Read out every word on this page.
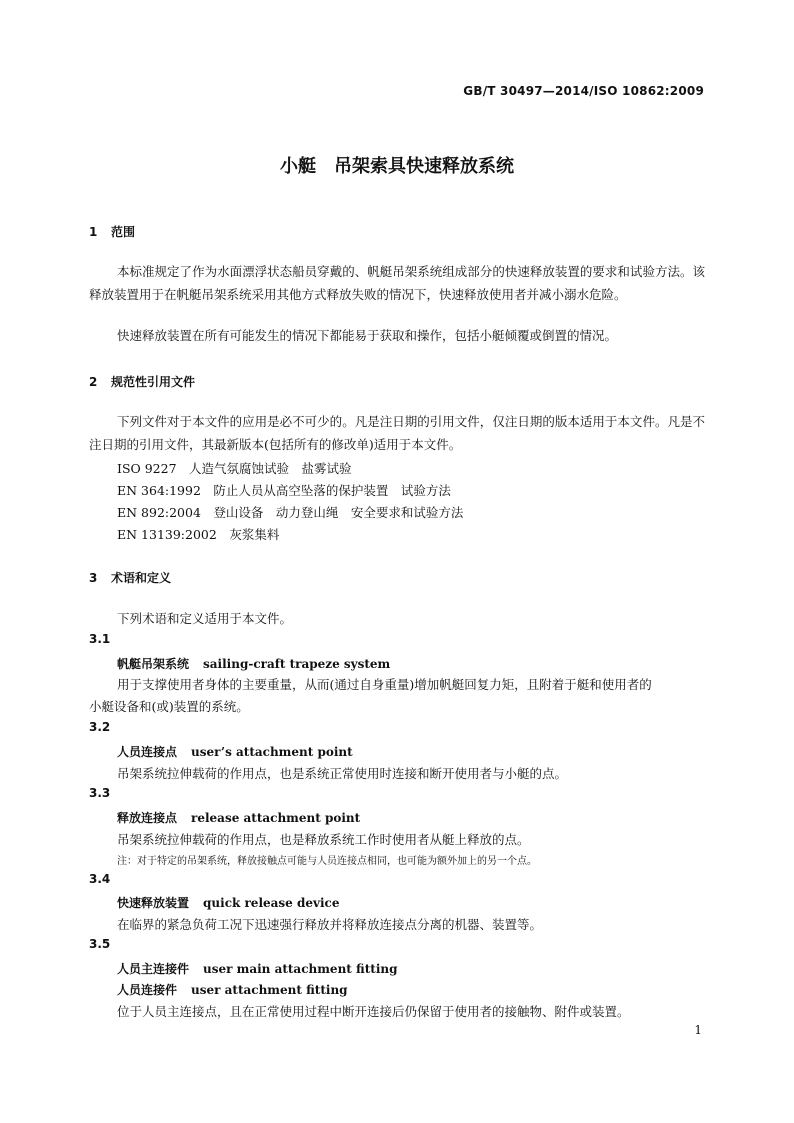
GB/T 30497—2014/ISO 10862:2009
小艇　吊架索具快速释放系统
1 范围

本标准规定了作为水面漂浮状态船员穿戴的、帆艇吊架系统组成部分的快速释放装置的要求和试验方法。该释放装置用于在帆艇吊架系统采用其他方式释放失败的情况下，快速释放使用者并减小溺水危险。

快速释放装置在所有可能发生的情况下都能易于获取和操作，包括小艇倾覆或倒置的情况。

2 规范性引用文件

下列文件对于本文件的应用是必不可少的。凡是注日期的引用文件，仅注日期的版本适用于本文件。凡是不注日期的引用文件，其最新版本(包括所有的修改单)适用于本文件。

ISO 9227　人造气氛腐蚀试验　盐雾试验
EN 364:1992　防止人员从高空坠落的保护装置　试验方法
EN 892:2004　登山设备　动力登山绳　安全要求和试验方法
EN 13139:2002　灰浆集料
3 术语和定义
下列术语和定义适用于本文件。
3.1
帆艇吊架系统 sailing-craft trapeze system
用于支撑使用者身体的主要重量，从而(通过自身重量)增加帆艇回复力矩，且附着于艇和使用者的
小艇设备和(或)装置的系统。
3.2
人员连接点 user’s attachment point
吊架系统拉伸载荷的作用点，也是系统正常使用时连接和断开使用者与小艇的点。
3.3
释放连接点 release attachment point
吊架系统拉伸载荷的作用点，也是释放系统工作时使用者从艇上释放的点。
注：对于特定的吊架系统，释放接触点可能与人员连接点相同，也可能为额外加上的另一个点。
3.4
快速释放装置 quick release device
在临界的紧急负荷工况下迅速强行释放并将释放连接点分离的机器、装置等。
3.5
人员主连接件 user main attachment fitting
人员连接件 user attachment fitting
位于人员主连接点，且在正常使用过程中断开连接后仍保留于使用者的接触物、附件或装置。
1
